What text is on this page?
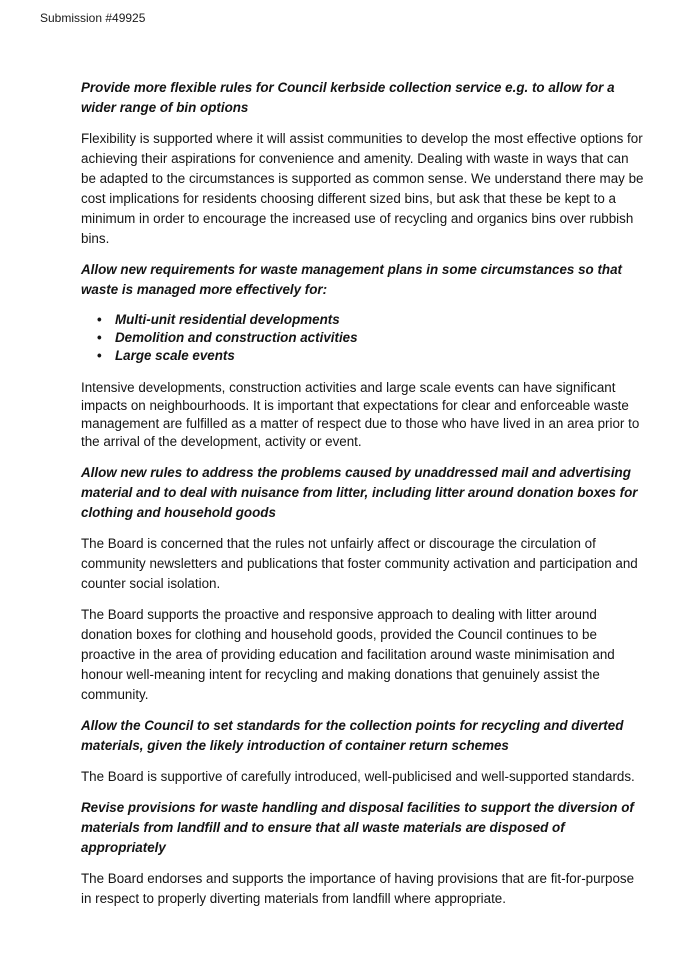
Submission #49925
Provide more flexible rules for Council kerbside collection service e.g. to allow for a wider range of bin options
Flexibility is supported where it will assist communities to develop the most effective options for achieving their aspirations for convenience and amenity. Dealing with waste in ways that can be adapted to the circumstances is supported as common sense. We understand there may be cost implications for residents choosing different sized bins, but ask that these be kept to a minimum in order to encourage the increased use of recycling and organics bins over rubbish bins.
Allow new requirements for waste management plans in some circumstances so that waste is managed more effectively for:
• Multi-unit residential developments
• Demolition and construction activities
• Large scale events
Intensive developments, construction activities and large scale events can have significant impacts on neighbourhoods. It is important that expectations for clear and enforceable waste management are fulfilled as a matter of respect due to those who have lived in an area prior to the arrival of the development, activity or event.
Allow new rules to address the problems caused by unaddressed mail and advertising material and to deal with nuisance from litter, including litter around donation boxes for clothing and household goods
The Board is concerned that the rules not unfairly affect or discourage the circulation of community newsletters and publications that foster community activation and participation and counter social isolation.
The Board supports the proactive and responsive approach to dealing with litter around donation boxes for clothing and household goods, provided the Council continues to be proactive in the area of providing education and facilitation around waste minimisation and honour well-meaning intent for recycling and making donations that genuinely assist the community.
Allow the Council to set standards for the collection points for recycling and diverted materials, given the likely introduction of container return schemes
The Board is supportive of carefully introduced, well-publicised and well-supported standards.
Revise provisions for waste handling and disposal facilities to support the diversion of materials from landfill and to ensure that all waste materials are disposed of appropriately
The Board endorses and supports the importance of having provisions that are fit-for-purpose in respect to properly diverting materials from landfill where appropriate.
